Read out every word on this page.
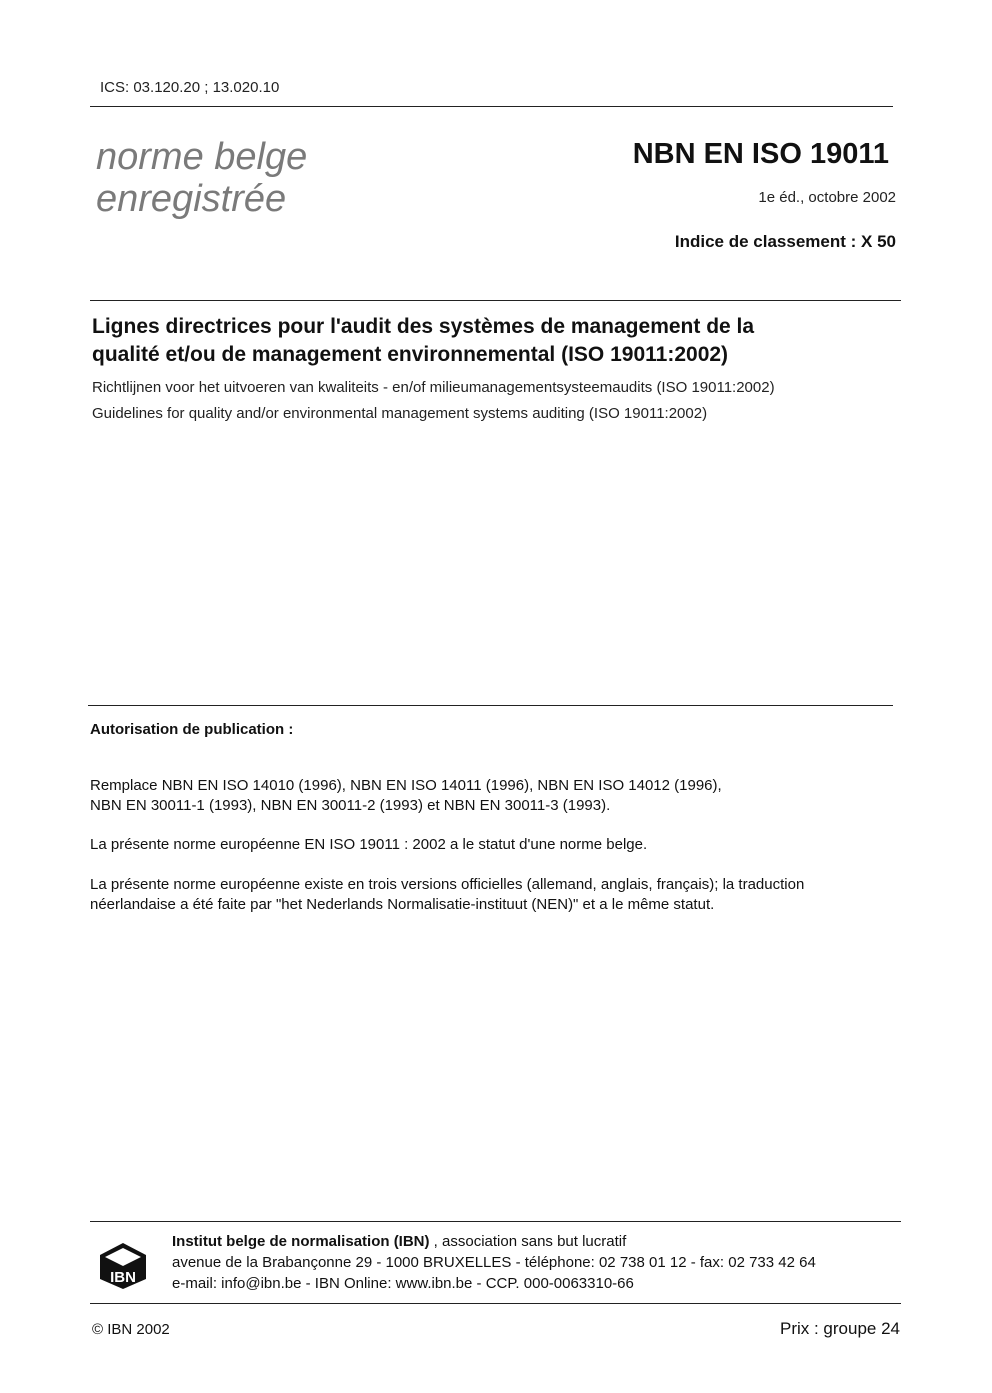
ICS: 03.120.20 ; 13.020.10
norme belge
enregistrée
NBN EN ISO 19011
1e éd., octobre 2002
Indice de classement : X 50
Lignes directrices pour l'audit des systèmes de management de la
qualité et/ou de management environnemental (ISO 19011:2002)
Richtlijnen voor het uitvoeren van kwaliteits - en/of milieumanagementsysteemaudits (ISO 19011:2002)
Guidelines for quality and/or environmental management systems auditing (ISO 19011:2002)
Autorisation de publication :
Remplace NBN EN ISO 14010 (1996), NBN EN ISO 14011 (1996), NBN EN ISO 14012 (1996),
NBN EN 30011-1 (1993), NBN EN 30011-2 (1993) et NBN EN 30011-3 (1993).
La présente norme européenne EN ISO 19011 : 2002 a le statut d'une norme belge.
La présente norme européenne existe en trois versions officielles (allemand, anglais, français); la traduction
néerlandaise a été faite par "het Nederlands Normalisatie-instituut (NEN)" et a le même statut.
IBN
Institut belge de normalisation (IBN) , association sans but lucratif
avenue de la Brabançonne 29 - 1000 BRUXELLES - téléphone: 02 738 01 12 - fax: 02 733 42 64
e-mail: info@ibn.be - IBN Online: www.ibn.be - CCP. 000-0063310-66
© IBN 2002	Prix : groupe 24
